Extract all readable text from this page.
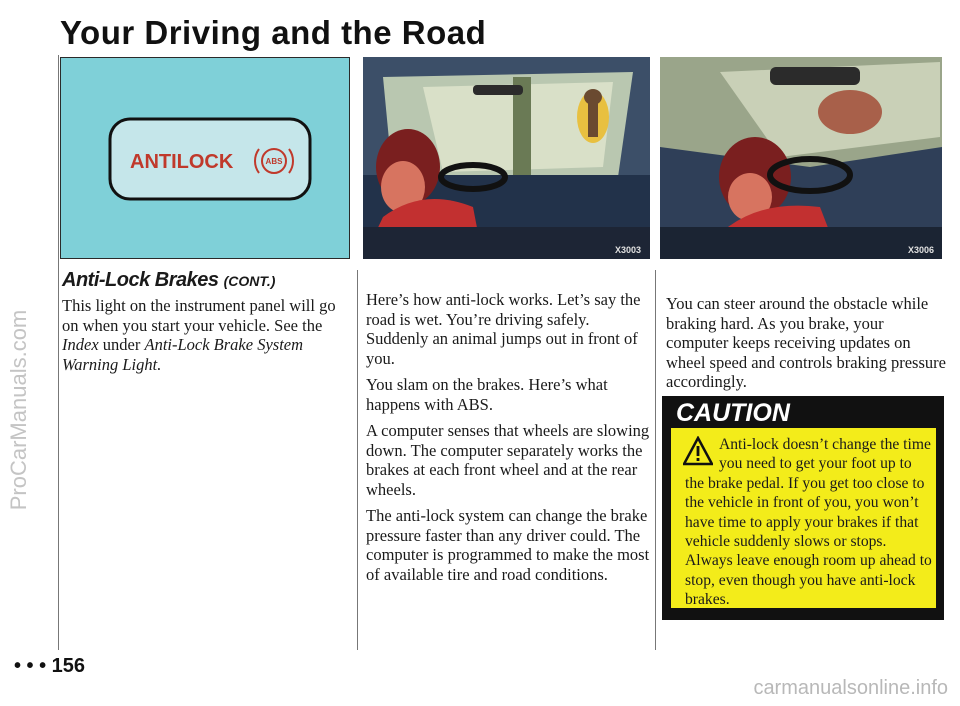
ProCarManuals.com
Your Driving and the Road
ANTILOCK	ABS
X3003	X3006
Anti-Lock Brakes (CONT.)

This light on the instrument panel will go on when you start your vehicle. See the Index under Anti-Lock Brake System Warning Light.

Here’s how anti-lock works. Let’s say the road is wet. You’re driving safely. Suddenly an animal jumps out in front of you.

You slam on the brakes. Here’s what happens with ABS.

A computer senses that wheels are slowing down. The computer separately works the brakes at each front wheel and at the rear wheels.

The anti-lock system can change the brake pressure faster than any driver could. The computer is programmed to make the most of available tire and road conditions.

You can steer around the obstacle while braking hard. As you brake, your computer keeps receiving updates on wheel speed and controls braking pressure accordingly.

CAUTION
Anti-lock doesn’t change the time you need to get your foot up to the brake pedal. If you get too close to the vehicle in front of you, you won’t have time to apply your brakes if that vehicle suddenly slows or stops. Always leave enough room up ahead to stop, even though you have anti-lock brakes.
• • • 156
carmanualsonline.info
